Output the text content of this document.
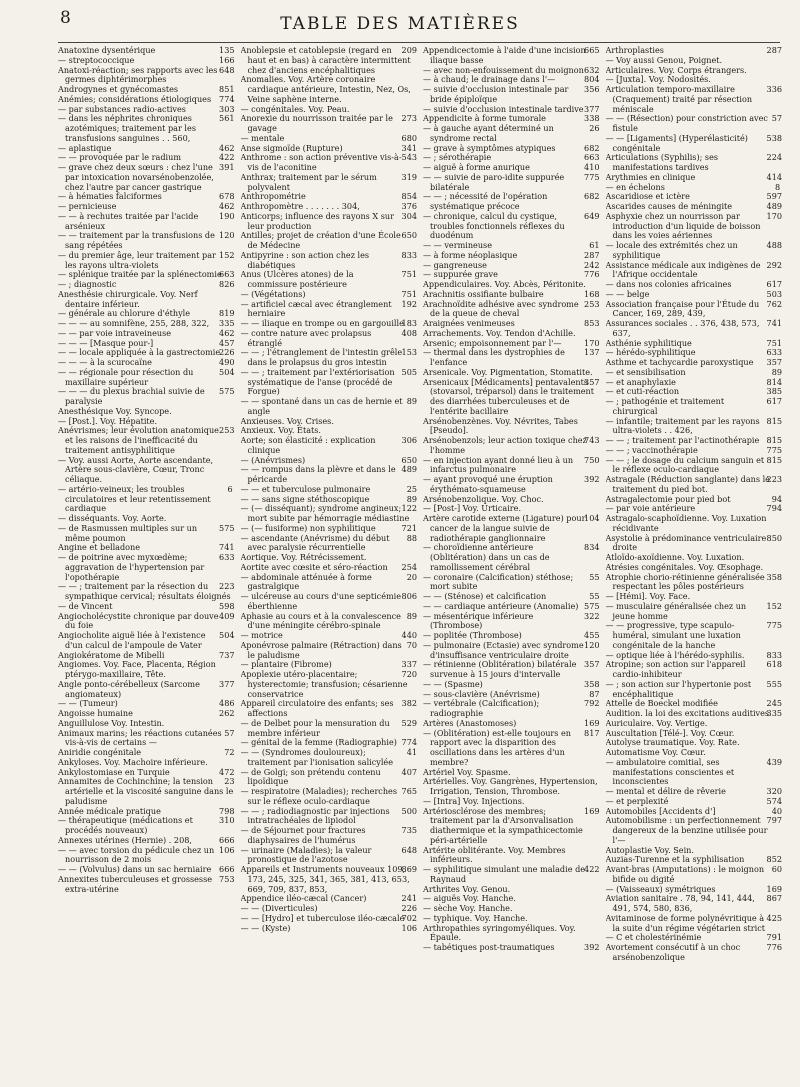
8	TABLE DES MATIÈRES
135
Anatoxine dysentérique
166
— streptococcique
648
Anatoxi-réaction; ses rapports avec les germes diphtérimorphes
851
Androgynes et gynécomastes
774
Anémies; considérations étiologiques
303
— par substances radio-actives
561
— dans les néphrites chroniques azotémiques; traitement par les transfusions sanguines . . 560,
462
— aplastique
422
— — provoquée par le radium
391
— grave chez deux sœurs : chez l'une par intoxication novarsénobenzolée, chez l'autre par cancer gastrique
678
— à hématies falciformes
462
— pernicieuse
190
— — à rechutes traitée par l'acide arsénieux
120
— — traitement par la transfusions de sang répétées
152
— du premier âge, leur traitement par les rayons ultra-violets
663
— splénique traitée par la splénectomie
826
— ; diagnostic
Anesthésie chirurgicale. Voy. Nerf dentaire inférieur.
819
— générale au chlorure d'éthyle
335
— — — au somnifène, 255, 288, 322,
462
— — par voie intraveineuse
457
— — — [Masque pour-]
226
— — locale appliquée à la gastrectomie
490
— — — à la scurocaïne
504
— — régionale pour résection du maxillaire supérieur
575
— — — du plexus brachial suivie de paralysie
Anesthésique Voy. Syncope.
— [Post.]. Voy. Hépatite.
253
Anévrismes; leur évolution anatomique et les raisons de l'inefficacité du traitement antisyphilitique
— Voy. aussi Aorte, Aorte ascendante, Artère sous-clavière, Cœur, Tronc céliaque.
6
— artério-veineux; les troubles circulatoires et leur retentissement cardiaque
— disséquants. Voy. Aorte.
575
— de Rasmussen multiples sur un même poumon
741
Angine et belladone
633
— de poitrine avec myxœdème; aggravation de l'hypertension par l'opothérapie
223
— — ; traitement par la résection du sympathique cervical; résultats éloignés
598
— de Vincent
409
Angiocholécystite chronique par douve du foie
504
Angiocholite aiguë liée à l'existence d'un calcul de l'ampoule de Vater
737
Angiokératome de Mibelli
Angiomes. Voy. Face, Placenta, Région ptérygo-maxillaire, Tête.
377
Angle ponto-cérébelleux (Sarcome angiomateux)
486
— — (Tumeur)
262
Angoisse humaine
Anguillulose Voy. Intestin.
57
Animaux marins; les réactions cutanées vis-à-vis de certains —
72
Aniridie congénitale
Ankyloses. Voy. Machoire inférieure.
472
Ankylostomiase en Turquie
23
Annamites de Cochinchine; la tension artérielle et la viscosité sanguine dans le paludisme
798
Année médicale pratique
310
— thérapeutique (médications et procédés nouveaux)
666
Annexes utérines (Hernie) . 208,
106
— — avec torsion du pédicule chez un nourrisson de 2 mois
666
— — (Volvulus) dans un sac herniaire
753
Annexites tuberculeuses et grossesse extra-utérine
209
Anoblepsie et catoblepsie (regard en haut et en bas) à caractère intermittent chez d'anciens encéphalitiques
Anomalies. Voy. Artère coronaire cardiaque antérieure, Intestin, Nez, Os, Veine saphène interne.
— congénitales. Voy. Peau.
273
Anorexie du nourrisson traitée par le gavage
680
— mentale
341
Anse sigmoïde (Rupture)
543
Anthrome : son action préventive vis-à-vis de l'aconitine
319
Anthrax; traitement par le sérum polyvalent
854
Anthropométrie
376
Anthropomètre . . . . . . . 304,
304
Anticorps; influence des rayons X sur leur production
650
Antilles; projet de création d'une École de Médecine
833
Antipyrine : son action chez les diabétiques
751
Anus (Ulcères atones) de la commissure postérieure
751
— (Végétations)
192
— artificiel cæcal avec étranglement herniaire
183
— — iliaque en trompe ou en gargouille
408
— contre nature avec prolapsus étranglé
153
— — ; l'étranglement de l'intestin grêle dans le prolapsus du gros intestin
505
— — ; traitement par l'extériorisation systématique de l'anse (procédé de Forgue)
89
— — spontané dans un cas de hernie et angle
Anxieuses. Voy. Crises.
Anxieux. Voy. États.
306
Aorte; son élasticité : explication clinique
650
— (Anévrismes)
489
— — rompus dans la plèvre et dans le péricarde
25
— — et tuberculose pulmonaire
89
— — sans signe stéthoscopique
122
— (— disséquant); syndrome angineux; mort subite par hémorragie médiastine
721
— (— fusiforme) non syphilitique
88
— ascendante (Anévrisme) du début avec paralysie récurrentielle
Aortique. Voy. Rétrécissement.
254
Aortite avec cœsite et séro-réaction
20
— abdominale atténuée à forme gastralgique
806
— ulcéreuse au cours d'une septicémie éberthienne
89
Aphasie au cours et à la convalescence d'une méningite cérébro-spinale
440
— motrice
70
Aponévrose palmaire (Rétraction) dans le paludisme
337
— plantaire (Fibrome)
720
Apoplexie utéro-placentaire; hysterectomie; transfusion; césarienne conservatrice
382
Appareil circulatoire des enfants; ses affections
529
— de Delbet pour la mensuration du membre inférieur
774
— génital de la femme (Radiographie)
41
— — (Syndromes douloureux); traitement par l'ionisation salicylée
407
— de Golgi; son prétendu contenu lipoïdique
765
— respiratoire (Maladies); recherches sur le réflexe oculo-cardiaque
500
— — ; radiodiagnostic par injections intratrachéales de lipiodol
735
— de Séjournet pour fractures diaphysaires de l'humérus
648
— urinaire (Maladies); la valeur pronostique de l'azotose
869
Appareils et Instruments nouveaux 109, 173, 245, 325, 341, 365, 381, 413, 653, 669, 709, 837, 853,
241
Appendice iléo-cæcal (Cancer)
226
— — (Diverticules)
702
— — [Hydro] et tuberculose iléo-cæcale
106
— — (Kyste)
665
Appendicectomie à l'aide d'une incision iliaque basse
632
— avec non-enfouissement du moignon
804
— à chaud; le drainage dans l'—
356
— suivie d'occlusion intestinale par bride épiploïque
377
— suivie d'occlusion intestinale tardive
338
Appendicite à forme tumorale
26
— à gauche ayant déterminé un syndrome rectal
682
— grave à symptômes atypiques
663
— ; sérothérapie
410
— aiguë à forme anurique
775
— — suivie de paro-idite suppurée bilatérale
682
— — ; nécessité de l'opération systématique précoce
649
— chronique, calcul du cystique, troubles fonctionnels réflexes du duodénum
61
— — vermineuse
287
— à forme néoplasique
242
— gangreneuse
776
— suppurée grave
Appendiculaires. Voy. Abcès, Péritonite.
168
Arachnitis ossifiante bulbaire
253
Arachnoïdite adhésive avec syndrome de la queue de cheval
853
Araignées venimeuses
Arrachements. Voy. Tendon d'Achille.
170
Arsenic; empoisonnement par l'—
137
— thermal dans les dystrophies de l'enfance
Arsenicale. Voy. Pigmentation, Stomatite.
357
Arsenicaux [Médicaments] pentavalents (stovarsol, tréparsol) dans le traitement des diarrhées tuberculeuses et de l'entérite bacillaire
Arsénobenzènes. Voy. Névrites, Tabes [Pseudo].
743
Arsénobenzols; leur action toxique chez l'homme
750
— en injection ayant donné lieu à un infarctus pulmonaire
392
— ayant provoqué une éruption érythémato-squameuse
Arsénobenzolique. Voy. Choc.
— [Post-] Voy. Urticaire.
104
Artère carotide externe (Ligature) pour cancer de la langue suivie de radiothérapie ganglionnaire
834
— choroïdienne antérieure (Oblitération) dans un cas de ramollissement cérébral
55
— coronaire (Calcification) stéthose; mort subite
55
— — (Sténose) et calcification
575
— — cardiaque antérieure (Anomalie)
322
— mésentérique inférieure (Thrombose)
455
— poplitée (Thrombose)
120
— pulmonaire (Ectasie) avec syndrome d'insuffisance ventriculaire droite
357
— rétinienne (Oblitération) bilatérale survenue à 15 jours d'intervalle
358
— — (Spasme)
87
— sous-clavière (Anévrisme)
792
— vertébrale (Calcification); radiographie
169
Artères (Anastomoses)
817
— (Oblitération) est-elle toujours en rapport avec la disparition des oscillations dans les artères d'un membre?
Artériel Voy. Spasme.
Artérielles. Voy. Gangrènes, Hypertension, Irrigation, Tension, Thrombose.
— [Intra] Voy. Injections.
169
Artériosclérose des membres; traitement par la d'Arsonvalisation diathermique et la sympathicectomie péri-artérielle
Artérite oblitérante. Voy. Membres inférieurs.
422
— syphilitique simulant une maladie de Raynaud
Arthrites Voy. Genou.
— aiguës Voy. Hanche.
— sèche Voy. Hanche.
— typhique. Voy. Hanche.
Arthropathies syringomyéliques. Voy. Épaule.
392
— tabétiques post-traumatiques
287
Arthroplasties
— Voy aussi Genou, Poignet.
Articulaires. Voy. Corps étrangers.
— [Juxta]. Voy. Nodosités.
336
Articulation temporo-maxillaire (Craquement) traité par résection méniscale
57
— — (Résection) pour constriction avec fistule
538
— — [Ligaments] (Hyperélasticité) congénitale
224
Articulations (Syphilis); ses manifestations tardives
414
Arythmies en clinique
8
— en échelons
597
Ascaridiose et ictère
489
Ascarides causes de méningite
170
Asphyxie chez un nourrisson par introduction d'un liquide de boisson dans les voies aériennes
488
— locale des extrémités chez un syphilitique
292
Assistance médicale aux indigènes de l'Afrique occidentale
617
— dans nos colonies africaines
503
— — belge
762
Association française pour l'Étude du Cancer, 169, 289, 439,
741
Assurances sociales . . 376, 438, 573, 637,
751
Asthénie syphilitique
633
— hérédo-syphilitique
357
Asthme et tachycardie paroxystique
89
— et sensibilisation
814
— et anaphylaxie
385
— et cuti-réaction
617
— ; pathogénie et traitement chirurgical
815
— infantile; traitement par les rayons ultra-violets . . 426,
815
— — ; traitement par l'actinothérapie
775
— — ; vaccinothérapie
815
— — ; le dosage du calcium sanguin et le réflexe oculo-cardiaque
223
Astragale (Réduction sanglante) dans le traitement du pied bot.
94
Astragalectomie pour pied bot
794
— par voie antérieure
Astragalo-scaphoïdienne. Voy. Luxation récidivante
850
Asystolie à prédominance ventriculaire droite
Atloïdo-axoïdienne. Voy. Luxation.
Atrésies congénitales. Voy. Œsophage.
358
Atrophie chorio-rétinienne généralisée respectant les pôles postérieurs
— [Hémi]. Voy. Face.
152
— musculaire généralisée chez un jeune homme
775
— — progressive, type scapulo-huméral, simulant une luxation congénitale de la hanche
833
— optique liée à l'hérédo-syphilis.
618
Atropine; son action sur l'appareil cardio-inhibiteur
555
— ; son action sur l'hypertonie post encéphalitique
245
Attelle de Boeckel modifiée
335
Audition. la loi des excitations auditives
Auriculaire. Voy. Vertige.
Auscultation [Télé-]. Voy. Cœur.
Autolyse traumatique. Voy. Rate.
Automatisme Voy. Cœur.
439
— ambulatoire comitial, ses manifestations conscientes et inconscientes
320
— mental et délire de rêverie
574
— et perplexité
40
Automobiles [Accidents d']
797
Automobilisme : un perfectionnement dangereux de la benzine utilisée pour l'—
Autoplastie Voy. Sein.
852
Auzias-Turenne et la syphilisation
60
Avant-bras (Amputations) : le moignon bifide ou digité
169
— (Vaisseaux) symétriques
867
Aviation sanitaire . 78, 94, 141, 444, 491, 574, 580, 836,
425
Avitaminose de forme polynévritique à la suite d'un régime végétarien strict
791
— C et cholestérinémie
776
Avortement consécutif à un choc arsénobenzolique
